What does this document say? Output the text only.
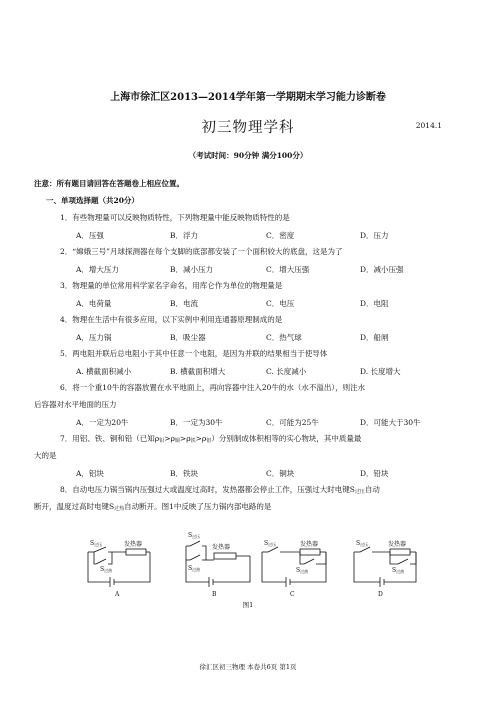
上海市徐汇区2013—2014学年第一学期期末学习能力诊断卷
初三物理学科	2014.1
（考试时间：90分钟 满分100分）
注意：所有题目请回答在答题卷上相应位置。
一、单项选择题（共20分）
1．有些物理量可以反映物质特性，下列物理量中能反映物质特性的是
A．压强	B．浮力	C．密度	D．压力
2．“嫦娥三号”月球探测器在每个支脚的底部都安装了一个面积较大的底盘，这是为了
A．增大压力	B．减小压力	C．增大压强	D．减小压强
3．物理量的单位常用科学家名字命名，用库仑作为单位的物理量是
A．电荷量	B．电流	C．电压	D．电阻
4．物理在生活中有很多应用，以下实例中利用连通器原理制成的是
A．压力锅	B．吸尘器	C．热气球	D．船闸
5．两电阻并联后总电阻小于其中任意一个电阻，是因为并联的结果相当于使导体
A. 横截面积减小	B. 横截面积增大	C. 长度减小	D. 长度增大
6．将一个重10牛的容器放置在水平地面上，再向容器中注入20牛的水（水不溢出），则注水
后容器对水平地面的压力
A．一定为20牛	B．一定为30牛	C．可能为25牛	D．可能大于30牛
7．用铝、铁、铜和铅（已知ρ铅>ρ铜>ρ铁>ρ铝）分别制成体积相等的实心物块，其中质量最
大的是
A．铝块	B．铁块	C．铜块	D．铅块
8．自动电压力锅当锅内压强过大或温度过高时，发热器都会停止工作，压强过大时电键S过压自动
断开，温度过高时电键S过热自动断开。图1中反映了压力锅内部电路的是
S过压
S过热
发热器
A
S过压
S过热
发热器
B
S过压
S过热
发热器
C
S过压
S过热
发热器
D
图1
徐汇区初三物理 本卷共6页 第1页
